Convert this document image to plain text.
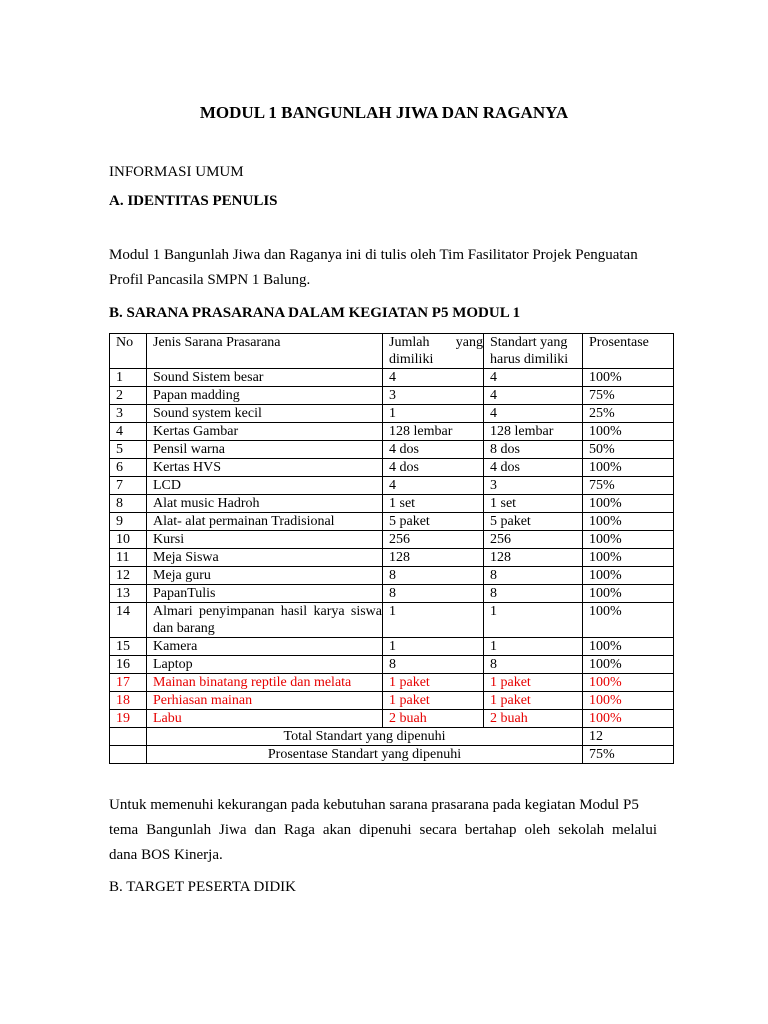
MODUL 1 BANGUNLAH JIWA DAN RAGANYA
INFORMASI UMUM
A. IDENTITAS PENULIS
Modul 1 Bangunlah Jiwa dan Raganya ini di tulis oleh Tim Fasilitator Projek Penguatan
Profil Pancasila SMPN 1 Balung.
B. SARANA PRASARANA DALAM KEGIATAN P5 MODUL 1
No	Jenis Sarana Prasarana	Jumlah yang dimiliki	Standart yang harus dimiliki	Prosentase
1	Sound Sistem besar	4	4	100%
2	Papan madding	3	4	75%
3	Sound system kecil	1	4	25%
4	Kertas Gambar	128 lembar	128 lembar	100%
5	Pensil warna	4 dos	8 dos	50%
6	Kertas HVS	4 dos	4 dos	100%
7	LCD	4	3	75%
8	Alat music Hadroh	1 set	1 set	100%
9	Alat- alat permainan Tradisional	5 paket	5 paket	100%
10	Kursi	256	256	100%
11	Meja Siswa	128	128	100%
12	Meja guru	8	8	100%
13	PapanTulis	8	8	100%
14	Almari penyimpanan hasil karya siswa dan barang	1	1	100%
15	Kamera	1	1	100%
16	Laptop	8	8	100%
17	Mainan binatang reptile dan melata	1 paket	1 paket	100%
18	Perhiasan mainan	1 paket	1 paket	100%
19	Labu	2 buah	2 buah	100%
	Total Standart yang dipenuhi			12
	Prosentase Standart yang dipenuhi			75%
Untuk memenuhi kekurangan pada kebutuhan sarana prasarana pada kegiatan Modul P5
tema Bangunlah Jiwa dan Raga akan dipenuhi secara bertahap oleh sekolah melalui
dana BOS Kinerja.
B. TARGET PESERTA DIDIK
